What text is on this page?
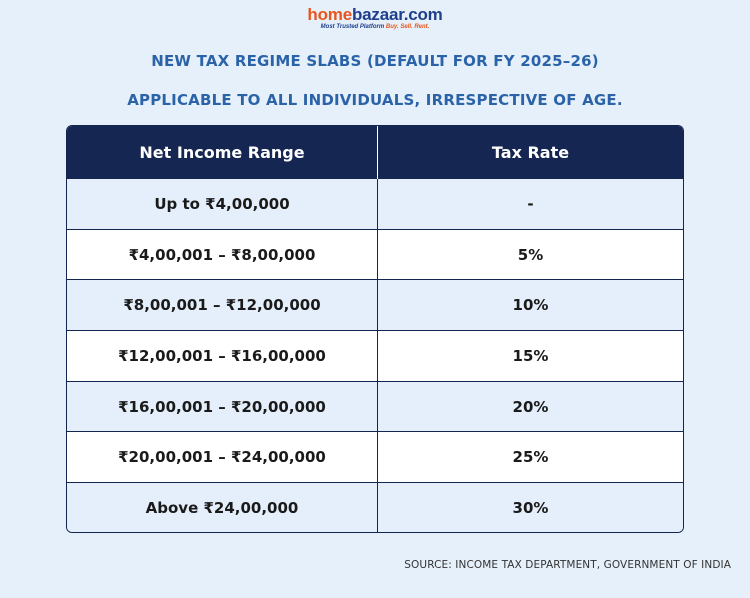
homebazaar.com
Most Trusted Platform Buy. Sell. Rent.
NEW TAX REGIME SLABS (DEFAULT FOR FY 2025–26)
APPLICABLE TO ALL INDIVIDUALS, IRRESPECTIVE OF AGE.
Net Income Range	Tax Rate
Up to ₹4,00,000	-
₹4,00,001 – ₹8,00,000	5%
₹8,00,001 – ₹12,00,000	10%
₹12,00,001 – ₹16,00,000	15%
₹16,00,001 – ₹20,00,000	20%
₹20,00,001 – ₹24,00,000	25%
Above ₹24,00,000	30%
SOURCE: INCOME TAX DEPARTMENT, GOVERNMENT OF INDIA
